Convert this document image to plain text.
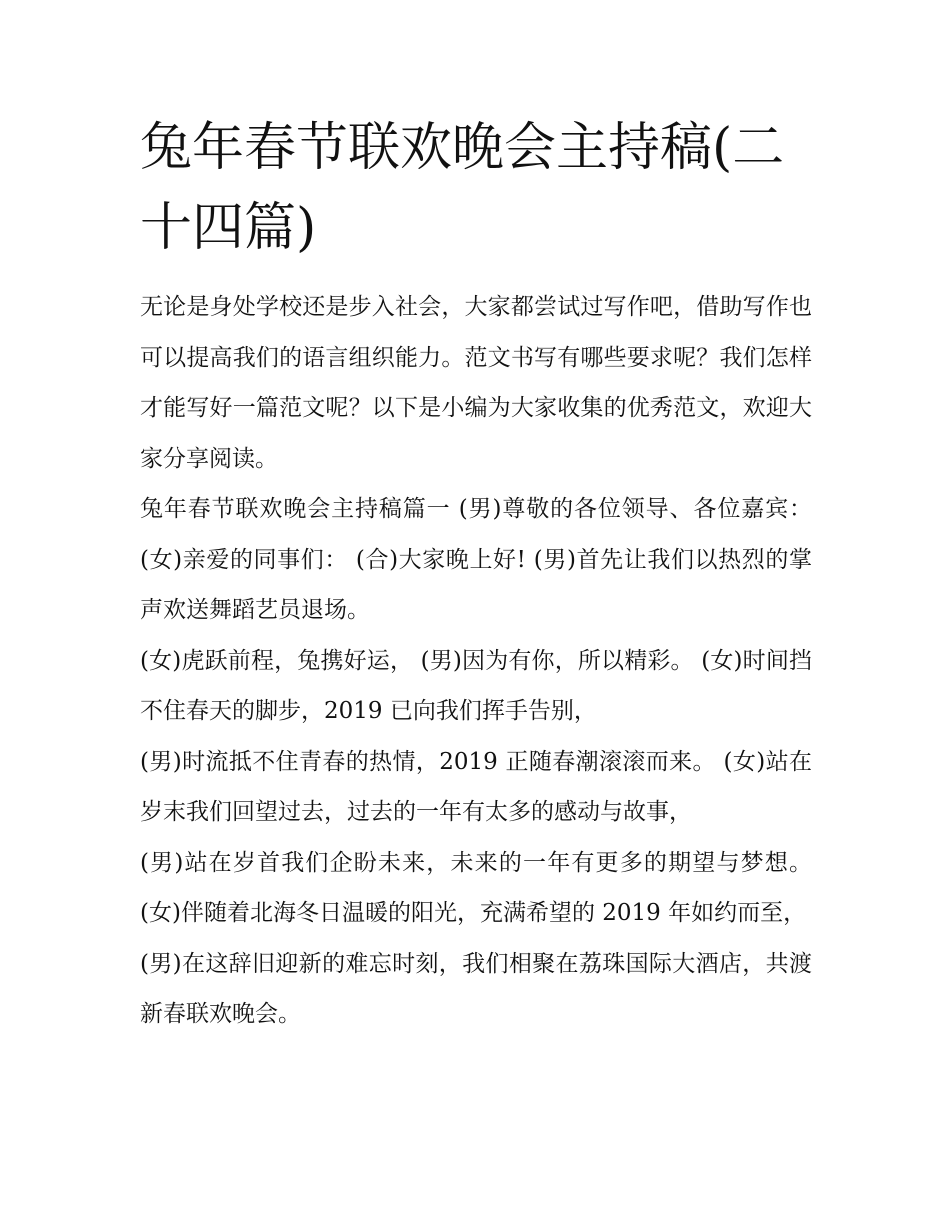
兔年春节联欢晚会主持稿(二十四篇)

无论是身处学校还是步入社会，大家都尝试过写作吧，借助写作也可以提高我们的语言组织能力。范文书写有哪些要求呢？我们怎样才能写好一篇范文呢？以下是小编为大家收集的优秀范文，欢迎大家分享阅读。

兔年春节联欢晚会主持稿篇一 (男)尊敬的各位领导、各位嘉宾： (女)亲爱的同事们： (合)大家晚上好! (男)首先让我们以热烈的掌声欢送舞蹈艺员退场。

(女)虎跃前程，兔携好运， (男)因为有你，所以精彩。 (女)时间挡不住春天的脚步，2019 已向我们挥手告别，

(男)时流抵不住青春的热情，2019 正随春潮滚滚而来。 (女)站在岁末我们回望过去，过去的一年有太多的感动与故事，

(男)站在岁首我们企盼未来，未来的一年有更多的期望与梦想。 (女)伴随着北海冬日温暖的阳光，充满希望的 2019 年如约而至，

(男)在这辞旧迎新的难忘时刻，我们相聚在荔珠国际大酒店，共渡新春联欢晚会。
